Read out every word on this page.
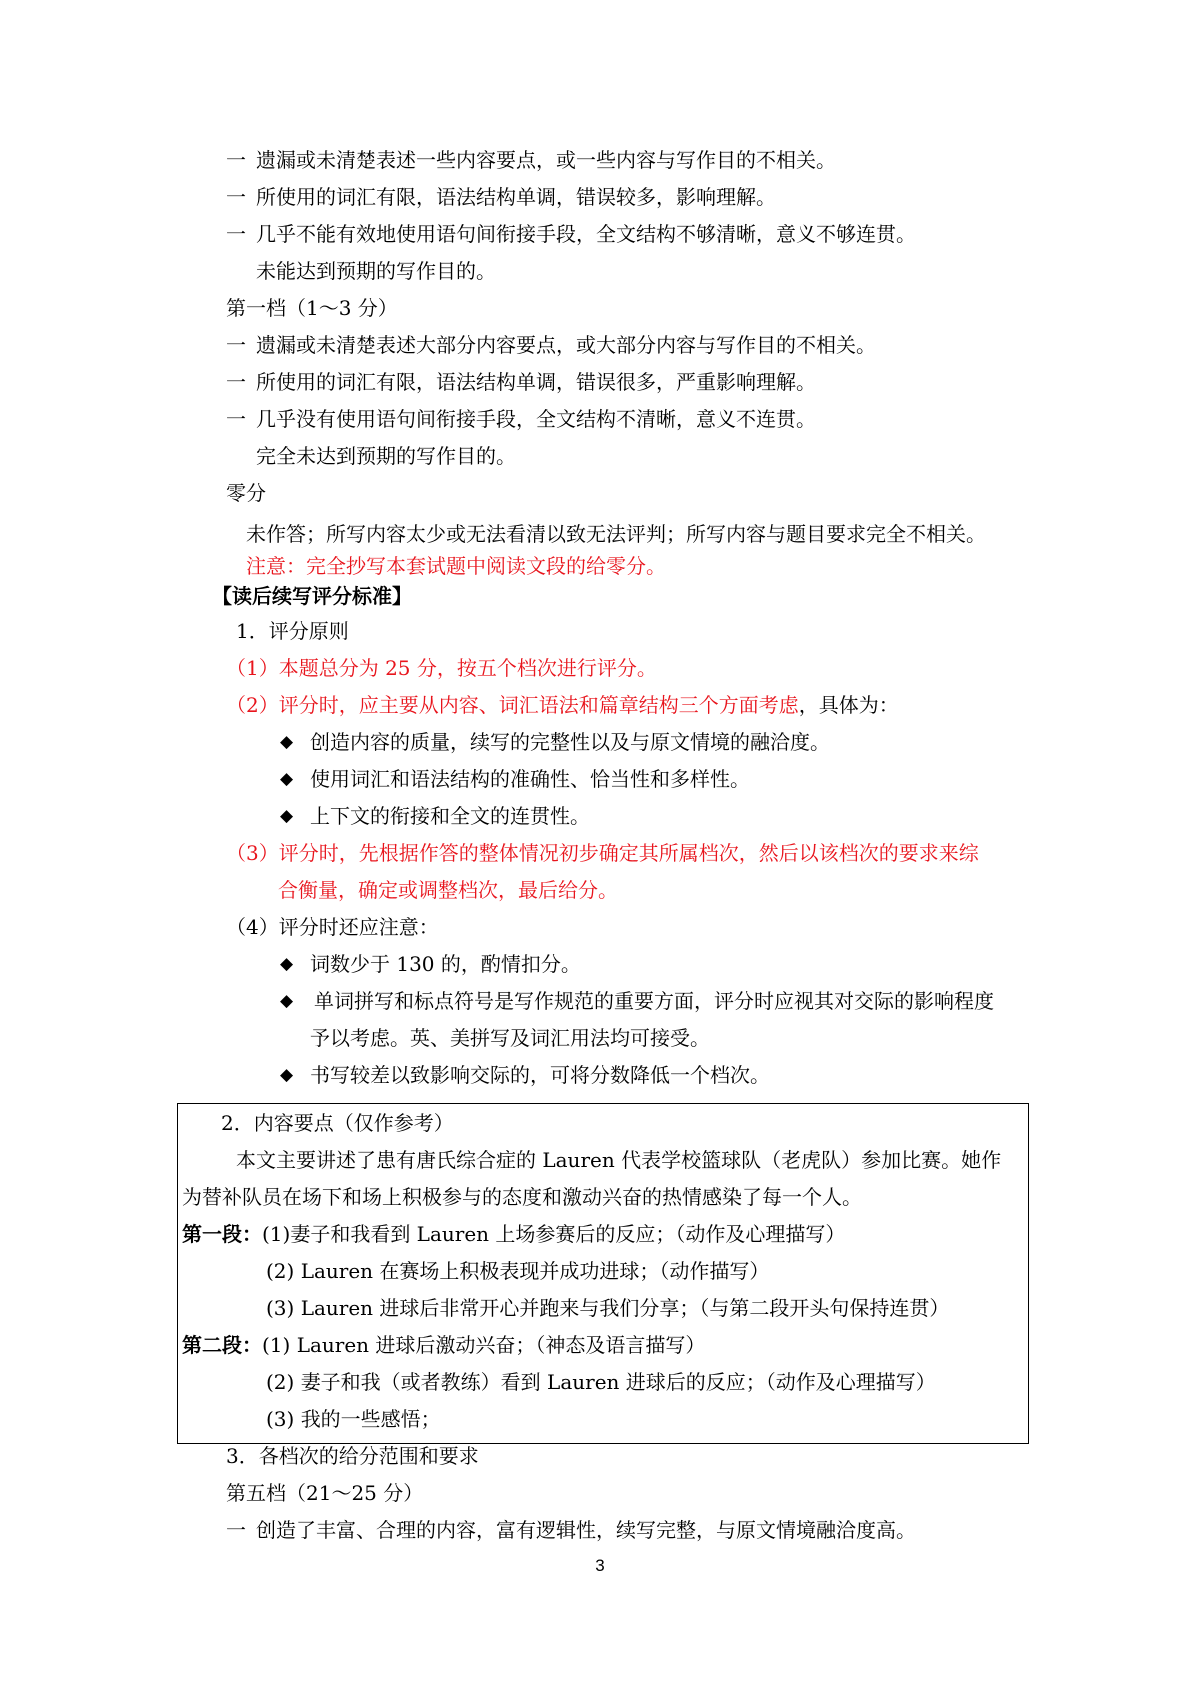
一 遗漏或未清楚表述一些内容要点，或一些内容与写作目的不相关。
一 所使用的词汇有限，语法结构单调，错误较多，影响理解。
一 几乎不能有效地使用语句间衔接手段，全文结构不够清晰，意义不够连贯。
未能达到预期的写作目的。
第一档（1～3 分）
一 遗漏或未清楚表述大部分内容要点，或大部分内容与写作目的不相关。
一 所使用的词汇有限，语法结构单调，错误很多，严重影响理解。
一 几乎没有使用语句间衔接手段，全文结构不清晰，意义不连贯。
完全未达到预期的写作目的。
零分
未作答；所写内容太少或无法看清以致无法评判；所写内容与题目要求完全不相关。
注意：完全抄写本套试题中阅读文段的给零分。
【读后续写评分标准】
1．评分原则
（1）本题总分为 25 分，按五个档次进行评分。
（2）评分时，应主要从内容、词汇语法和篇章结构三个方面考虑，具体为：
◆ 创造内容的质量，续写的完整性以及与原文情境的融洽度。
◆ 使用词汇和语法结构的准确性、恰当性和多样性。
◆ 上下文的衔接和全文的连贯性。
（3）评分时，先根据作答的整体情况初步确定其所属档次，然后以该档次的要求来综
合衡量，确定或调整档次，最后给分。
（4）评分时还应注意：
◆ 词数少于 130 的，酌情扣分。
◆ 单词拼写和标点符号是写作规范的重要方面，评分时应视其对交际的影响程度
予以考虑。英、美拼写及词汇用法均可接受。
◆ 书写较差以致影响交际的，可将分数降低一个档次。
2．内容要点（仅作参考）
本文主要讲述了患有唐氏综合症的 Lauren 代表学校篮球队（老虎队）参加比赛。她作
为替补队员在场下和场上积极参与的态度和激动兴奋的热情感染了每一个人。
第一段：(1)妻子和我看到 Lauren 上场参赛后的反应；（动作及心理描写）
(2) Lauren 在赛场上积极表现并成功进球；（动作描写）
(3) Lauren 进球后非常开心并跑来与我们分享；（与第二段开头句保持连贯）
第二段：(1) Lauren 进球后激动兴奋；（神态及语言描写）
(2) 妻子和我（或者教练）看到 Lauren 进球后的反应；（动作及心理描写）
(3) 我的一些感悟；
3．各档次的给分范围和要求
第五档（21～25 分）
一 创造了丰富、合理的内容，富有逻辑性，续写完整，与原文情境融洽度高。
3
